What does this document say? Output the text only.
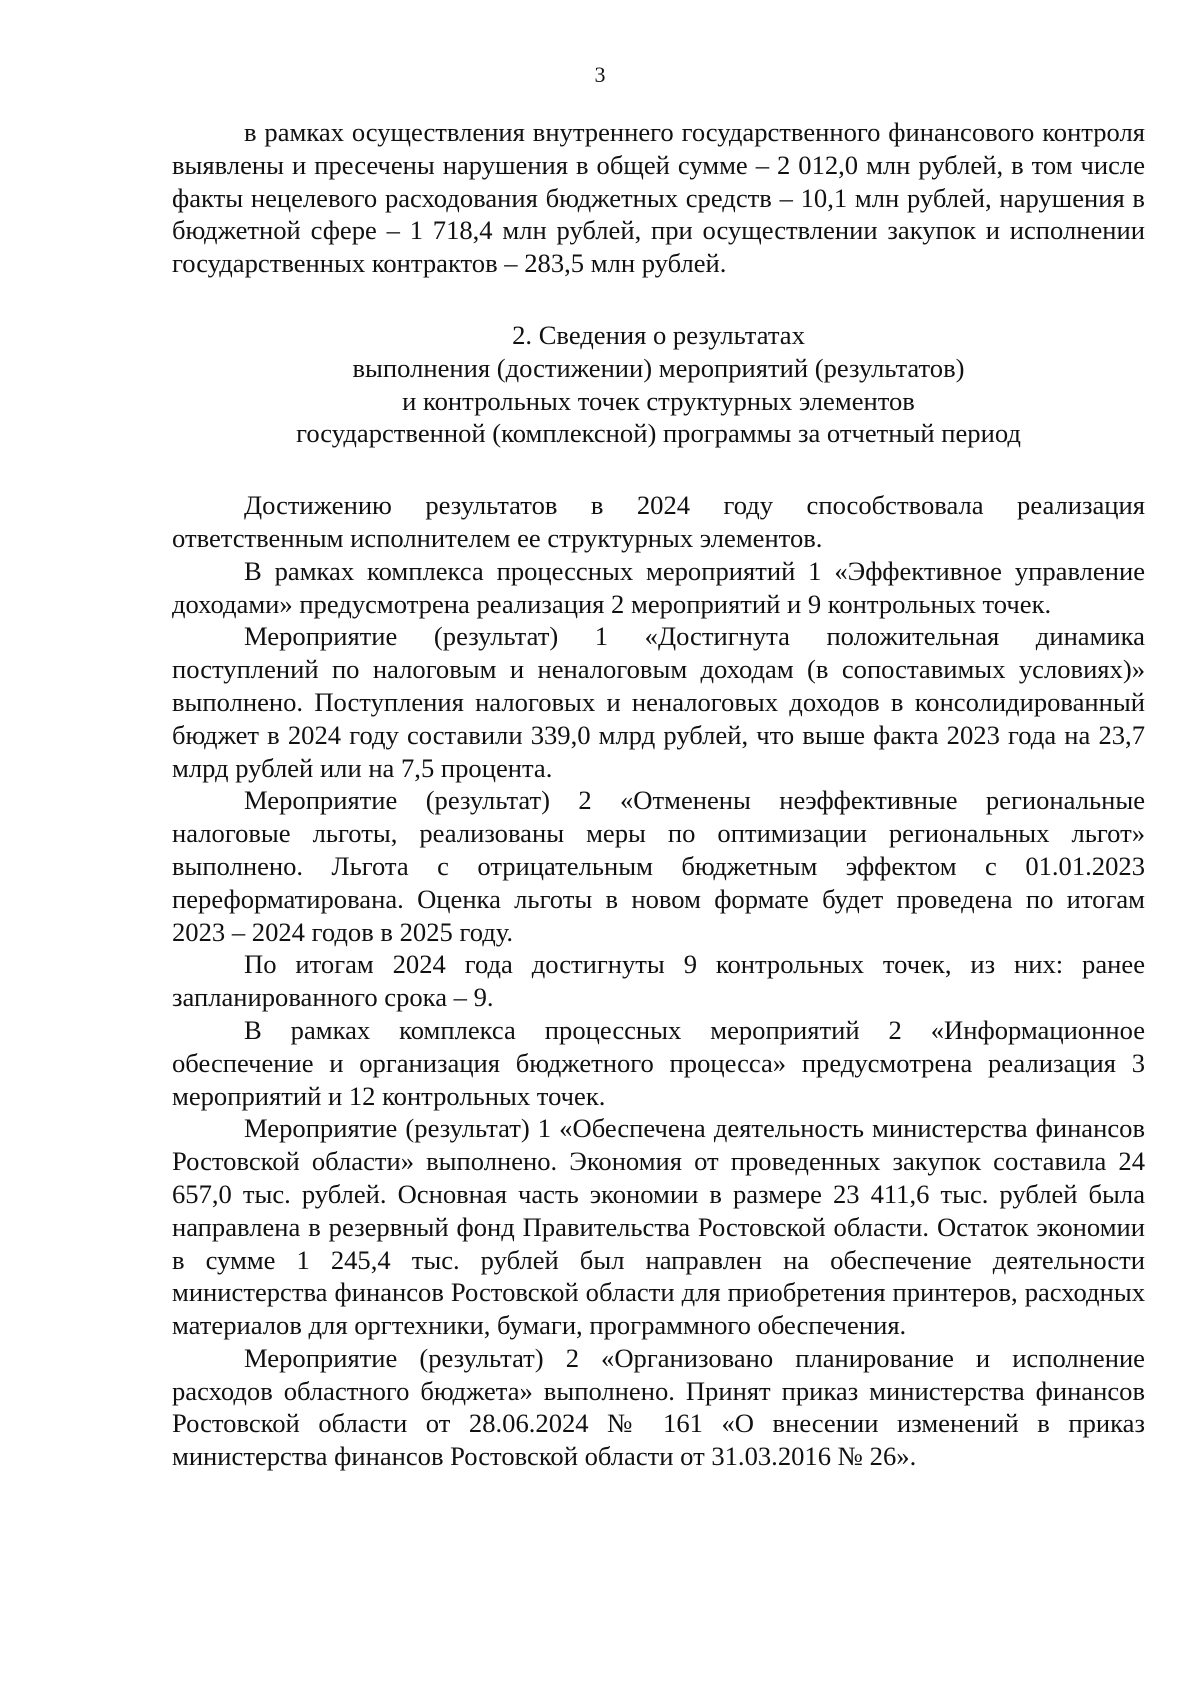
3

в рамках осуществления внутреннего государственного финансового контроля выявлены и пресечены нарушения в общей сумме – 2 012,0 млн рублей, в том числе факты нецелевого расходования бюджетных средств – 10,1 млн рублей, нарушения в бюджетной сфере – 1 718,4 млн рублей, при осуществлении закупок и исполнении государственных контрактов – 283,5 млн рублей.

2. Сведения о результатах
выполнения (достижении) мероприятий (результатов)
и контрольных точек структурных элементов
государственной (комплексной) программы за отчетный период

Достижению результатов в 2024 году способствовала реализация ответственным исполнителем ее структурных элементов.

В рамках комплекса процессных мероприятий 1 «Эффективное управление доходами» предусмотрена реализация 2 мероприятий и 9 контрольных точек.

Мероприятие (результат) 1 «Достигнута положительная динамика поступлений по налоговым и неналоговым доходам (в сопоставимых условиях)» выполнено. Поступления налоговых и неналоговых доходов в консолидированный бюджет в 2024 году составили 339,0 млрд рублей, что выше факта 2023 года на 23,7 млрд рублей или на 7,5 процента.

Мероприятие (результат) 2 «Отменены неэффективные региональные налоговые льготы, реализованы меры по оптимизации региональных льгот» выполнено. Льгота с отрицательным бюджетным эффектом с 01.01.2023 переформатирована. Оценка льготы в новом формате будет проведена по итогам 2023 – 2024 годов в 2025 году.

По итогам 2024 года достигнуты 9 контрольных точек, из них: ранее запланированного срока – 9.

В рамках комплекса процессных мероприятий 2 «Информационное обеспечение и организация бюджетного процесса» предусмотрена реализация 3 мероприятий и 12 контрольных точек.

Мероприятие (результат) 1 «Обеспечена деятельность министерства финансов Ростовской области» выполнено. Экономия от проведенных закупок составила 24 657,0 тыс. рублей. Основная часть экономии в размере 23 411,6 тыс. рублей была направлена в резервный фонд Правительства Ростовской области. Остаток экономии в сумме 1 245,4 тыс. рублей был направлен на обеспечение деятельности министерства финансов Ростовской области для приобретения принтеров, расходных материалов для оргтехники, бумаги, программного обеспечения.

Мероприятие (результат) 2 «Организовано планирование и исполнение расходов областного бюджета» выполнено. Принят приказ министерства финансов Ростовской области от 28.06.2024 № 161 «О внесении изменений в приказ министерства финансов Ростовской области от 31.03.2016 № 26».
